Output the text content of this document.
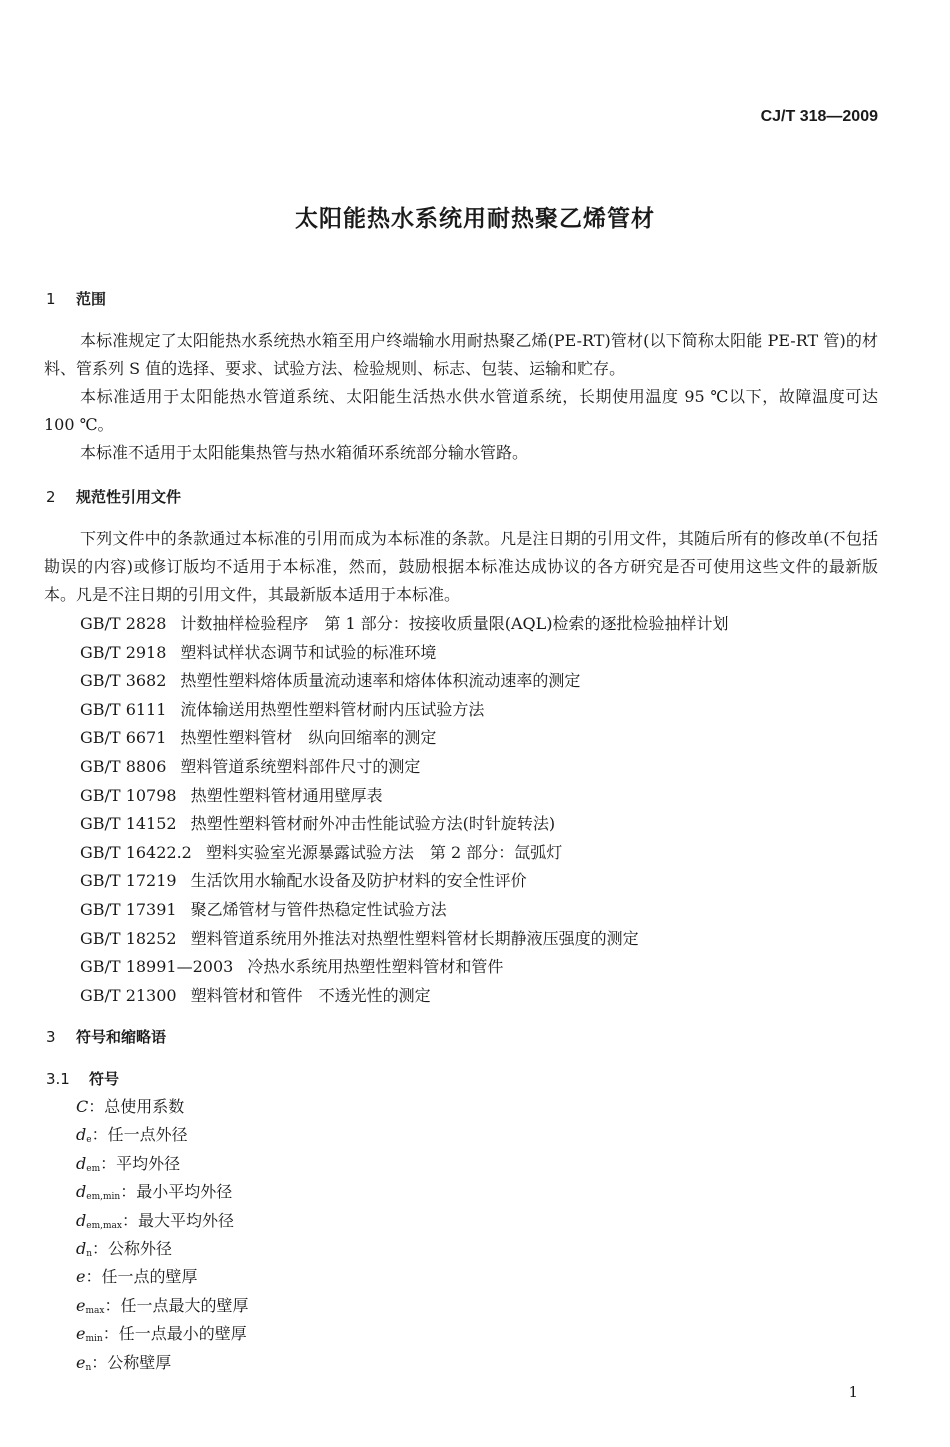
CJ/T 318—2009
太阳能热水系统用耐热聚乙烯管材
1 范围
本标准规定了太阳能热水系统热水箱至用户终端输水用耐热聚乙烯(PE-RT)管材(以下简称太阳能 PE-RT 管)的材料、管系列 S 值的选择、要求、试验方法、检验规则、标志、包装、运输和贮存。
本标准适用于太阳能热水管道系统、太阳能生活热水供水管道系统，长期使用温度 95 ℃以下，故障温度可达 100 ℃。
本标准不适用于太阳能集热管与热水箱循环系统部分输水管路。
2 规范性引用文件
下列文件中的条款通过本标准的引用而成为本标准的条款。凡是注日期的引用文件，其随后所有的修改单(不包括勘误的内容)或修订版均不适用于本标准，然而，鼓励根据本标准达成协议的各方研究是否可使用这些文件的最新版本。凡是不注日期的引用文件，其最新版本适用于本标准。
GB/T 2828 计数抽样检验程序　第 1 部分：按接收质量限(AQL)检索的逐批检验抽样计划
GB/T 2918 塑料试样状态调节和试验的标准环境
GB/T 3682 热塑性塑料熔体质量流动速率和熔体体积流动速率的测定
GB/T 6111 流体输送用热塑性塑料管材耐内压试验方法
GB/T 6671 热塑性塑料管材　纵向回缩率的测定
GB/T 8806 塑料管道系统塑料部件尺寸的测定
GB/T 10798 热塑性塑料管材通用壁厚表
GB/T 14152 热塑性塑料管材耐外冲击性能试验方法(时针旋转法)
GB/T 16422.2 塑料实验室光源暴露试验方法　第 2 部分：氙弧灯
GB/T 17219 生活饮用水输配水设备及防护材料的安全性评价
GB/T 17391 聚乙烯管材与管件热稳定性试验方法
GB/T 18252 塑料管道系统用外推法对热塑性塑料管材长期静液压强度的测定
GB/T 18991—2003 冷热水系统用热塑性塑料管材和管件
GB/T 21300 塑料管材和管件　不透光性的测定
3 符号和缩略语
3.1 符号
C：总使用系数
$d_e$：任一点外径
$d_{em}$：平均外径
$d_{em,min}$：最小平均外径
$d_{em,max}$：最大平均外径
$d_n$：公称外径
e：任一点的壁厚
$e_{max}$：任一点最大的壁厚
$e_{min}$：任一点最小的壁厚
$e_n$：公称壁厚
1
